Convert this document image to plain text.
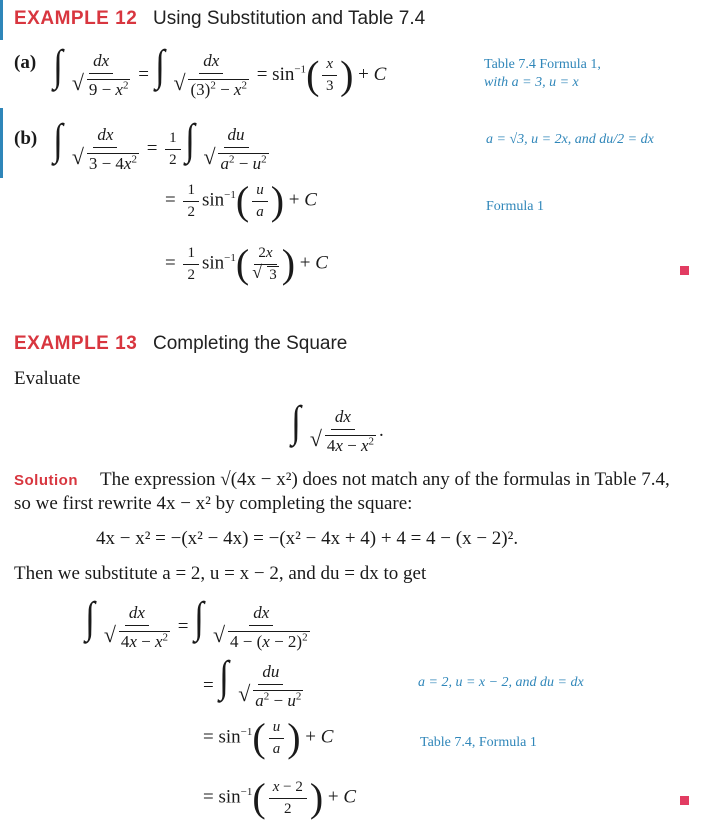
EXAMPLE 12 Using Substitution and Table 7.4
(a) ∫ $\frac{dx}{√ 9 - x^2}$ = ∫ $\frac{dx}{√ (3)^2 - x^2} = \sin^{-1}( \frac{x}{3}$ ) + C	Table 7.4 Formula 1,
with a = 3, u = x
(b) ∫ $\frac{dx}{√ 3 - 4x^2} = \frac{1}{2}$ ∫ $\frac{du}{√ a^2 - u^2}$	a = √3, u = 2x, and du/2 = dx
= $\frac{1}{2} \sin^{-1}( \frac{u}{a}$ ) + C	Formula 1
= $\frac{1}{2} \sin^{-1}( \frac{2x}{√ 3}$ ) + C
EXAMPLE 13 Completing the Square
Evaluate
∫ $\frac{dx}{√ 4x - x^2}$ .
Solution The expression √(4x − x²) does not match any of the formulas in Table 7.4,
so we first rewrite 4x − x² by completing the square:
4x − x² = −(x² − 4x) = −(x² − 4x + 4) + 4 = 4 − (x − 2)².
Then we substitute a = 2, u = x − 2, and du = dx to get
∫ $\frac{dx}{√ 4x - x^2}$ = ∫ $\frac{dx}{√ 4 - (x - 2)^2}$
= ∫ $\frac{du}{√ a^2 - u^2}$	a = 2, u = x − 2, and du = dx
= $\sin^{-1}( \frac{u}{a}$ ) + C	Table 7.4, Formula 1
= $\sin^{-1}( \frac{x - 2}{2}$ ) + C
